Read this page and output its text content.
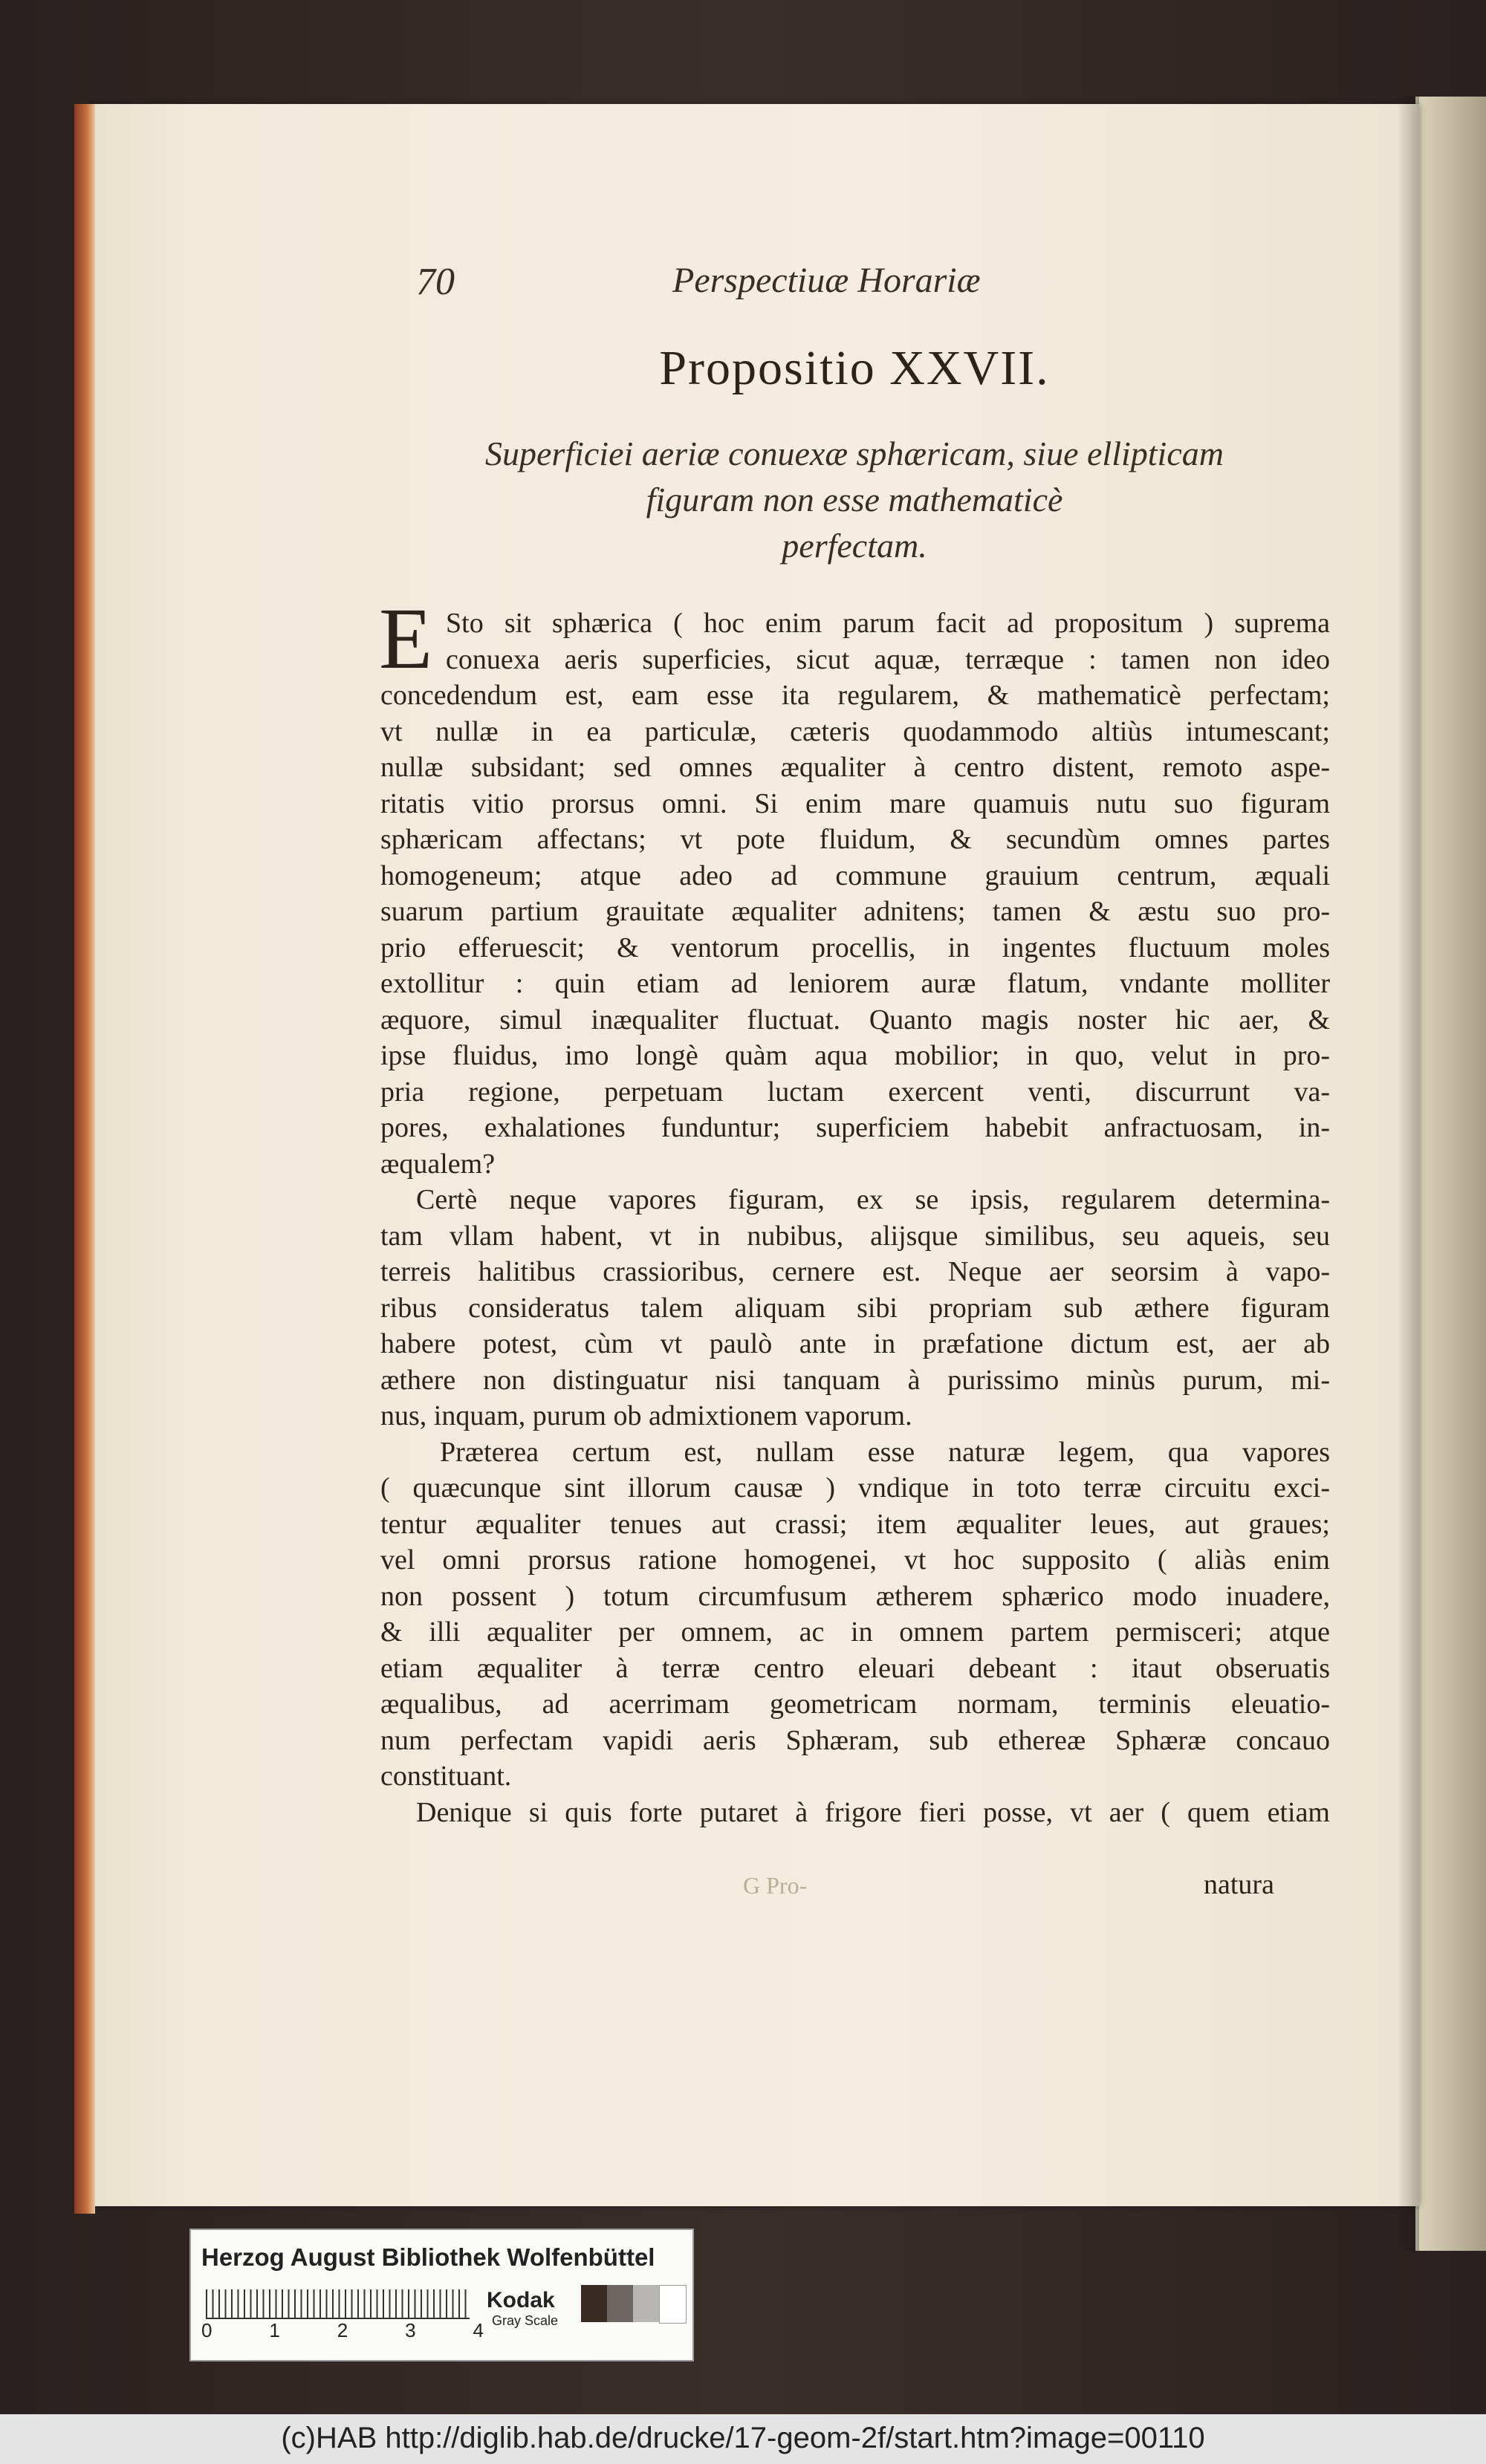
70	Perspectiuæ Horariæ
Propositio XXVII.
Superficiei aeriæ conuexæ sphæricam, siue ellipticam
figuram non esse mathematicè
perfectam.
E Sto sit sphærica ( hoc enim parum facit ad propositum ) suprema
conuexa aeris superficies, sicut aquæ, terræque : tamen non ideo
concedendum est, eam esse ita regularem, & mathematicè perfectam;
vt nullæ in ea particulæ, cæteris quodammodo altiùs intumescant;
nullæ subsidant; sed omnes æqualiter à centro distent, remoto aspe-
ritatis vitio prorsus omni. Si enim mare quamuis nutu suo figuram
sphæricam affectans; vt pote fluidum, & secundùm omnes partes
homogeneum; atque adeo ad commune grauium centrum, æquali
suarum partium grauitate æqualiter adnitens; tamen & æstu suo pro-
prio efferuescit; & ventorum procellis, in ingentes fluctuum moles
extollitur : quin etiam ad leniorem auræ flatum, vndante molliter
æquore, simul inæqualiter fluctuat. Quanto magis noster hic aer, &
ipse fluidus, imo longè quàm aqua mobilior; in quo, velut in pro-
pria regione, perpetuam luctam exercent venti, discurrunt va-
pores, exhalationes funduntur; superficiem habebit anfractuosam, in-
æqualem?
Certè neque vapores figuram, ex se ipsis, regularem determina-
tam vllam habent, vt in nubibus, alijsque similibus, seu aqueis, seu
terreis halitibus crassioribus, cernere est. Neque aer seorsim à vapo-
ribus consideratus talem aliquam sibi propriam sub æthere figuram
habere potest, cùm vt paulò ante in præfatione dictum est, aer ab
æthere non distinguatur nisi tanquam à purissimo minùs purum, mi-
nus, inquam, purum ob admixtionem vaporum.
Præterea certum est, nullam esse naturæ legem, qua vapores
( quæcunque sint illorum causæ ) vndique in toto terræ circuitu exci-
tentur æqualiter tenues aut crassi; item æqualiter leues, aut graues;
vel omni prorsus ratione homogenei, vt hoc supposito ( aliàs enim
non possent ) totum circumfusum ætherem sphærico modo inuadere,
& illi æqualiter per omnem, ac in omnem partem permisceri; atque
etiam æqualiter à terræ centro eleuari debeant : itaut obseruatis
æqualibus, ad acerrimam geometricam normam, terminis eleuatio-
num perfectam vapidi aeris Sphæram, sub ethereæ Sphæræ concauo
constituant.
Denique si quis forte putaret à frigore fieri posse, vt aer ( quem etiam
natura
G Pro-
Herzog August Bibliothek Wolfenbüttel
0	1	2	3	4
Kodak
Gray Scale
(c)HAB http://diglib.hab.de/drucke/17-geom-2f/start.htm?image=00110
